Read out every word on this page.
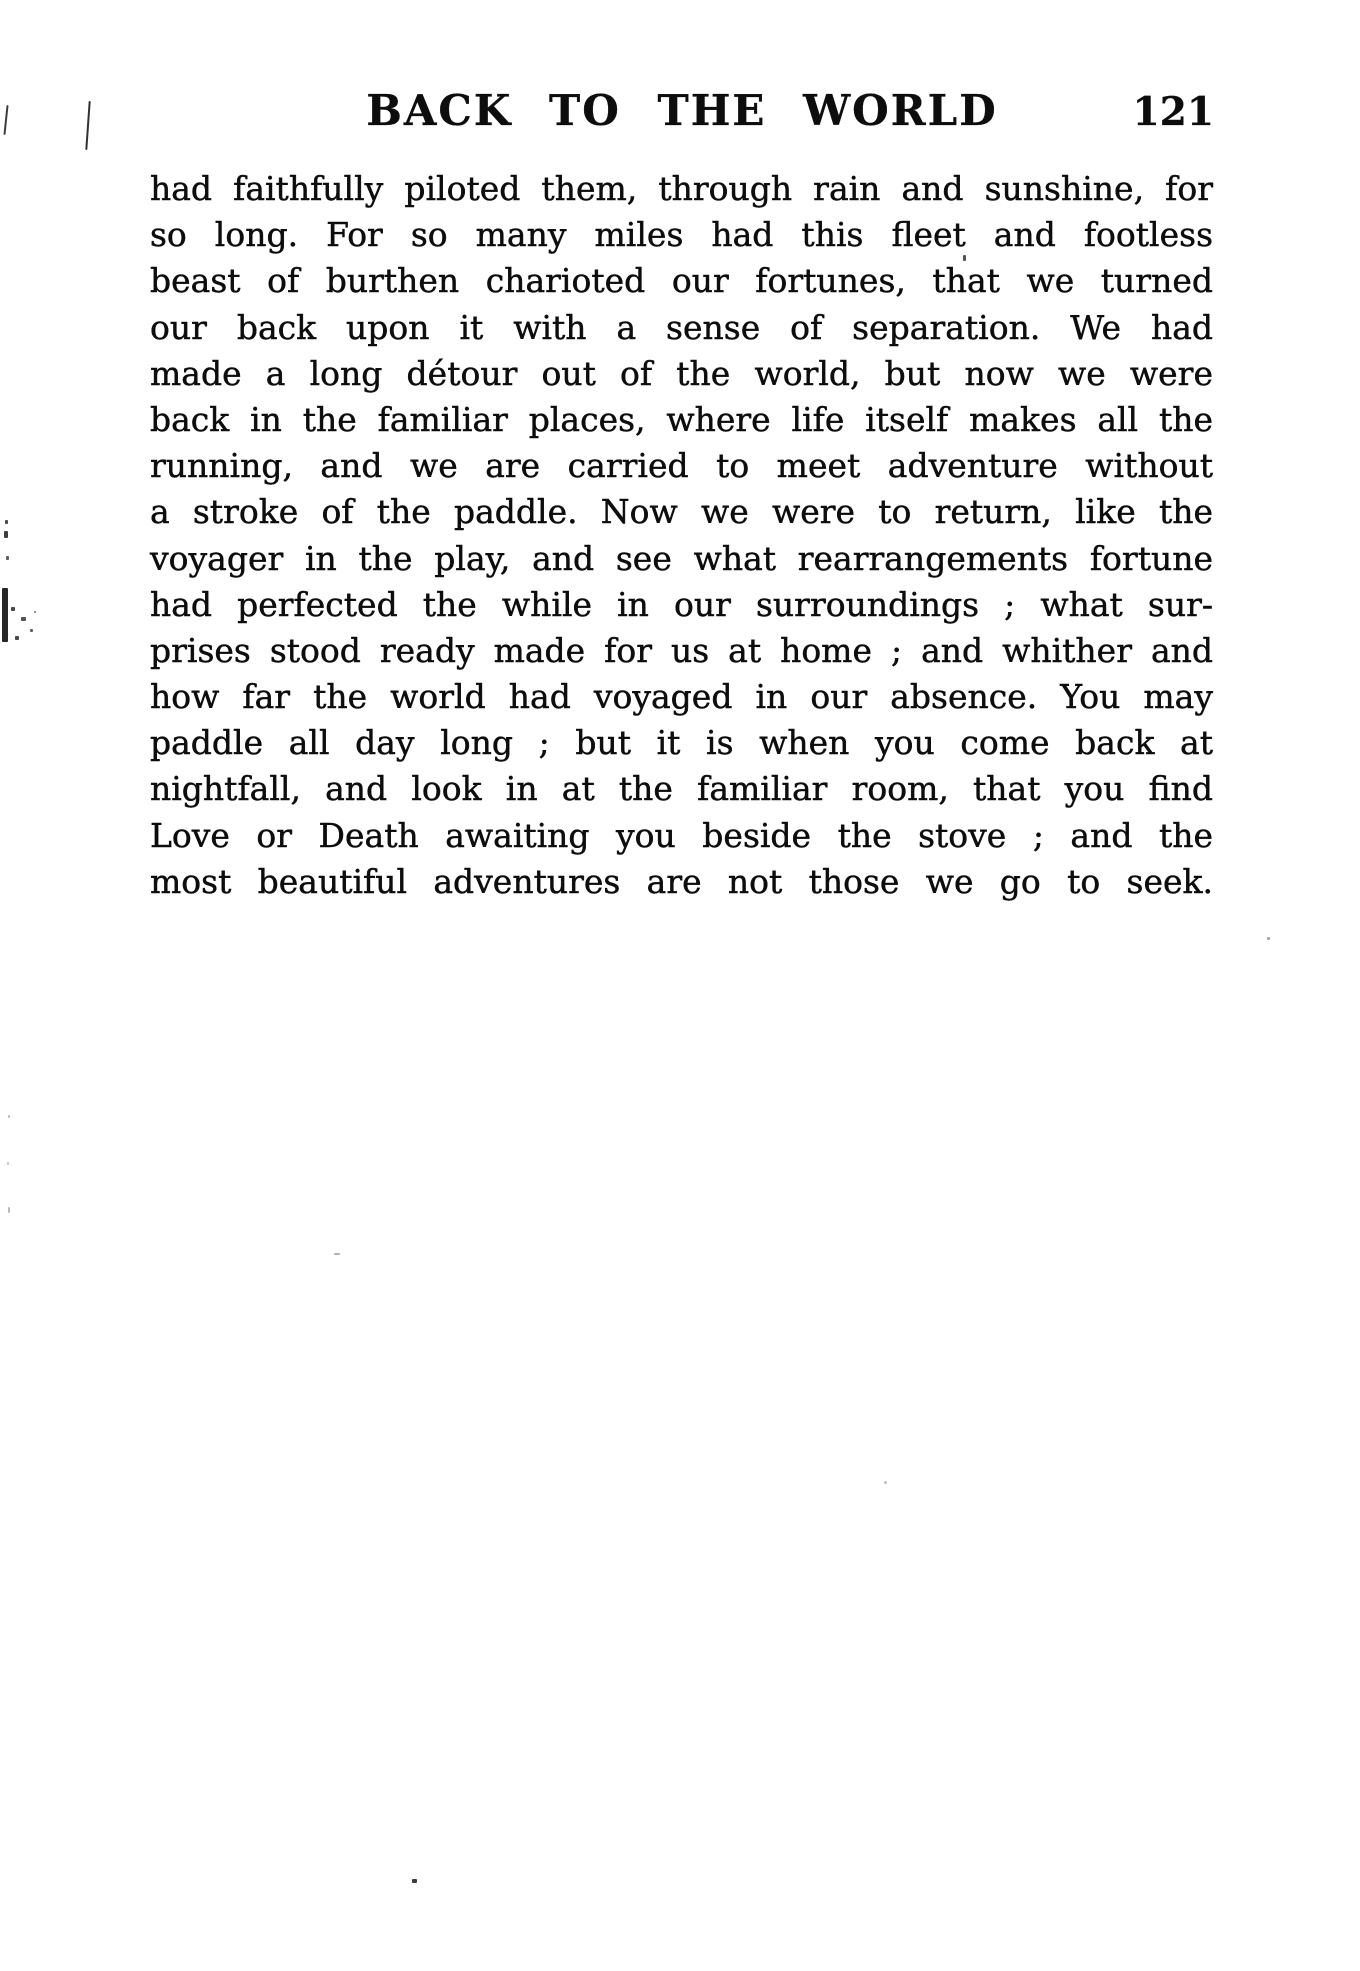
BACK TO THE WORLD	121
had faithfully piloted them, through rain and sunshine, for
so long. For so many miles had this fleet and footless
beast of burthen charioted our fortunes, that we turned
our back upon it with a sense of separation. We had
made a long détour out of the world, but now we were
back in the familiar places, where life itself makes all the
running, and we are carried to meet adventure without
a stroke of the paddle. Now we were to return, like the
voyager in the play, and see what rearrangements fortune
had perfected the while in our surroundings ; what sur-
prises stood ready made for us at home ; and whither and
how far the world had voyaged in our absence. You may
paddle all day long ; but it is when you come back at
nightfall, and look in at the familiar room, that you find
Love or Death awaiting you beside the stove ; and the
most beautiful adventures are not those we go to seek.
